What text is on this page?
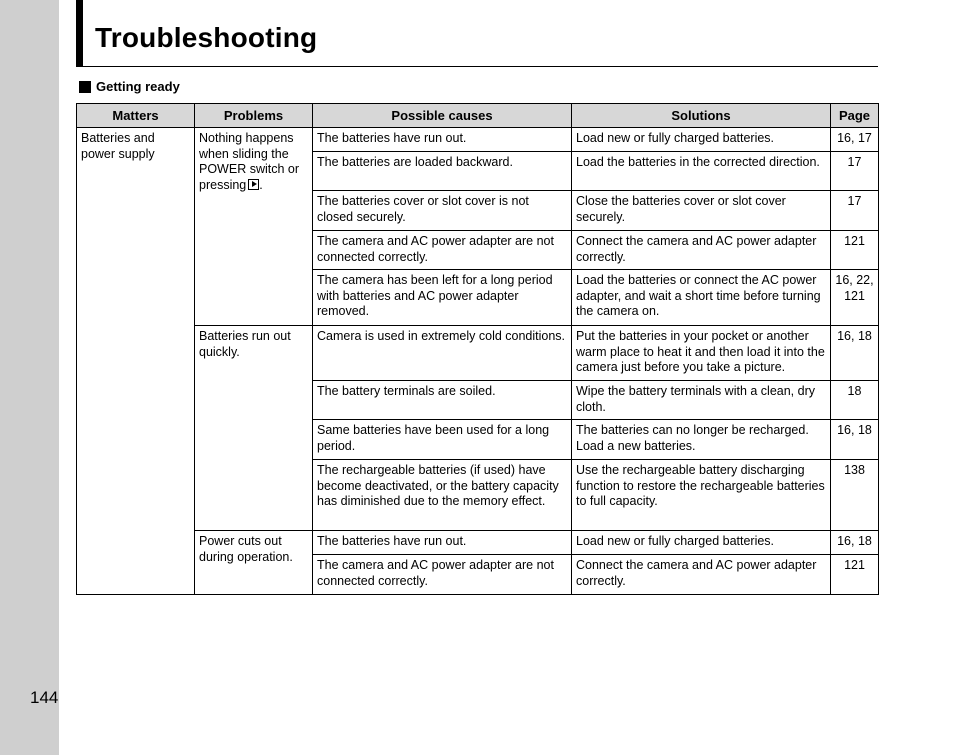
144
Troubleshooting
Getting ready
Matters	Problems	Possible causes	Solutions	Page
Batteries and power supply	Nothing happens when sliding the POWER switch or pressing .	The batteries have run out.	Load new or fully charged batteries.	16, 17
		The batteries are loaded backward.	Load the batteries in the corrected direction.	17
		The batteries cover or slot cover is not closed securely.	Close the batteries cover or slot cover securely.	17
		The camera and AC power adapter are not connected correctly.	Connect the camera and AC power adapter correctly.	121
		The camera has been left for a long period with batteries and AC power adapter removed.	Load the batteries or connect the AC power adapter, and wait a short time before turning the camera on.	16, 22, 121
	Batteries run out quickly.	Camera is used in extremely cold conditions.	Put the batteries in your pocket or another warm place to heat it and then load it into the camera just before you take a picture.	16, 18
		The battery terminals are soiled.	Wipe the battery terminals with a clean, dry cloth.	18
		Same batteries have been used for a long period.	The batteries can no longer be recharged. Load a new batteries.	16, 18
		The rechargeable batteries (if used) have become deactivated, or the battery capacity has diminished due to the memory effect.	Use the rechargeable battery discharging function to restore the rechargeable batteries to full capacity.	138
	Power cuts out during operation.	The batteries have run out.	Load new or fully charged batteries.	16, 18
		The camera and AC power adapter are not connected correctly.	Connect the camera and AC power adapter correctly.	121
